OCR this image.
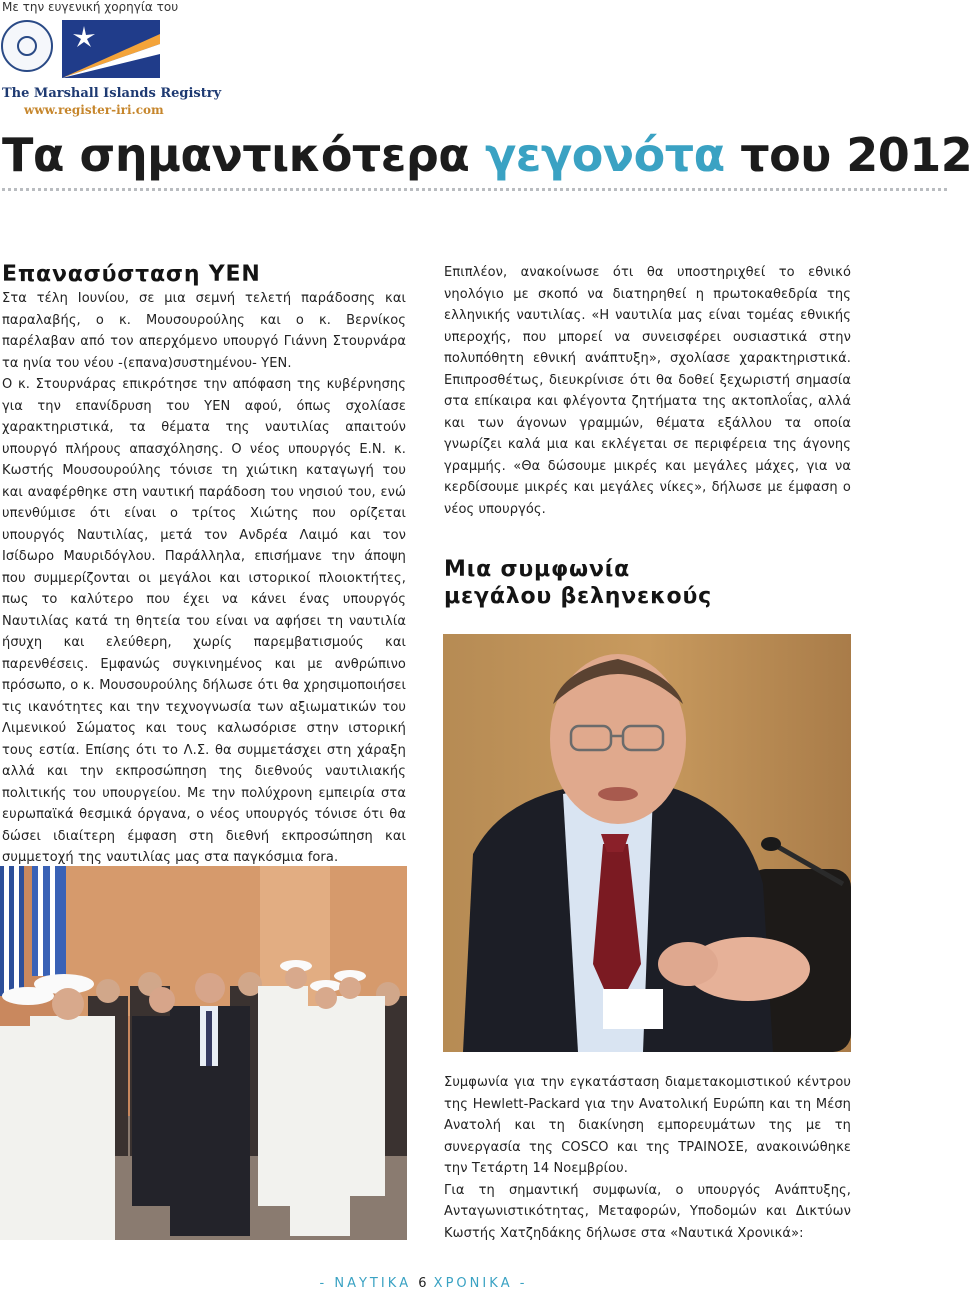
Με την ευγενική χορηγία του
The Marshall Islands Registry
www.register-iri.com
Τα σημαντικότερα γεγονότα του 2012
Επανασύσταση ΥΕΝ

Στα τέλη Ιουνίου, σε μια σεμνή τελετή παράδοσης και παραλαβής, ο κ. Μουσουρούλης και ο κ. Βερνίκος παρέλαβαν από τον απερχόμενο υπουργό Γιάννη Στουρνάρα τα ηνία του νέου -(επανα)συστημένου- ΥΕΝ.

Ο κ. Στουρνάρας επικρότησε την απόφαση της κυβέρνησης για την επανίδρυση του ΥΕΝ αφού, όπως σχολίασε χαρακτηριστικά, τα θέματα της ναυτιλίας απαιτούν υπουργό πλήρους απασχόλησης. Ο νέος υπουργός Ε.Ν. κ. Κωστής Μουσουρούλης τόνισε τη χιώτικη καταγωγή του και αναφέρθηκε στη ναυτική παράδοση του νησιού του, ενώ υπενθύμισε ότι είναι ο τρίτος Χιώτης που ορίζεται υπουργός Ναυτιλίας, μετά τον Ανδρέα Λαιμό και τον Ισίδωρο Μαυριδόγλου. Παράλληλα, επισήμανε την άποψη που συμμερίζονται οι μεγάλοι και ιστορικοί πλοιοκτήτες, πως το καλύτερο που έχει να κάνει ένας υπουργός Ναυτιλίας κατά τη θητεία του είναι να αφήσει τη ναυτιλία ήσυχη και ελεύθερη, χωρίς παρεμβατισμούς και παρενθέσεις. Εμφανώς συγκινημένος και με ανθρώπινο πρόσωπο, ο κ. Μουσουρούλης δήλωσε ότι θα χρησιμοποιήσει τις ικανότητες και την τεχνογνωσία των αξιωματικών του Λιμενικού Σώματος και τους καλωσόρισε στην ιστορική τους εστία. Επίσης ότι το Λ.Σ. θα συμμετάσχει στη χάραξη αλλά και την εκπροσώπηση της διεθνούς ναυτιλιακής πολιτικής του υπουργείου. Με την πολύχρονη εμπειρία στα ευρωπαϊκά θεσμικά όργανα, ο νέος υπουργός τόνισε ότι θα δώσει ιδιαίτερη έμφαση στη διεθνή εκπροσώπηση και συμμετοχή της ναυτιλίας μας στα παγκόσμια fora.

Επιπλέον, ανακοίνωσε ότι θα υποστηριχθεί το εθνικό νηολόγιο με σκοπό να διατηρηθεί η πρωτοκαθεδρία της ελληνικής ναυτιλίας. «Η ναυτιλία μας είναι τομέας εθνικής υπεροχής, που μπορεί να συνεισφέρει ουσιαστικά στην πολυπόθητη εθνική ανάπτυξη», σχολίασε χαρακτηριστικά. Επιπροσθέτως, διευκρίνισε ότι θα δοθεί ξεχωριστή σημασία στα επίκαιρα και φλέγοντα ζητήματα της ακτοπλοΐας, αλλά και των άγονων γραμμών, θέματα εξάλλου τα οποία γνωρίζει καλά μια και εκλέγεται σε περιφέρεια της άγονης γραμμής. «Θα δώσουμε μικρές και μεγάλες μάχες, για να κερδίσουμε μικρές και μεγάλες νίκες», δήλωσε με έμφαση ο νέος υπουργός.

Μια συμφωνία
μεγάλου βεληνεκούς

Συμφωνία για την εγκατάσταση διαμετακομιστικού κέντρου της Hewlett-Packard για την Ανατολική Ευρώπη και τη Μέση Ανατολή και τη διακίνηση εμπορευμάτων της με τη συνεργασία της COSCO και της ΤΡΑΙΝΟΣΕ, ανακοινώθηκε την Τετάρτη 14 Νοεμβρίου.

Για τη σημαντική συμφωνία, ο υπουργός Ανάπτυξης, Ανταγωνιστικότητας, Μεταφορών, Υποδομών και Δικτύων Κωστής Χατζηδάκης δήλωσε στα «Ναυτικά Χρονικά»:

- ΝΑΥΤΙΚΑ 6 ΧΡΟΝΙΚΑ -
